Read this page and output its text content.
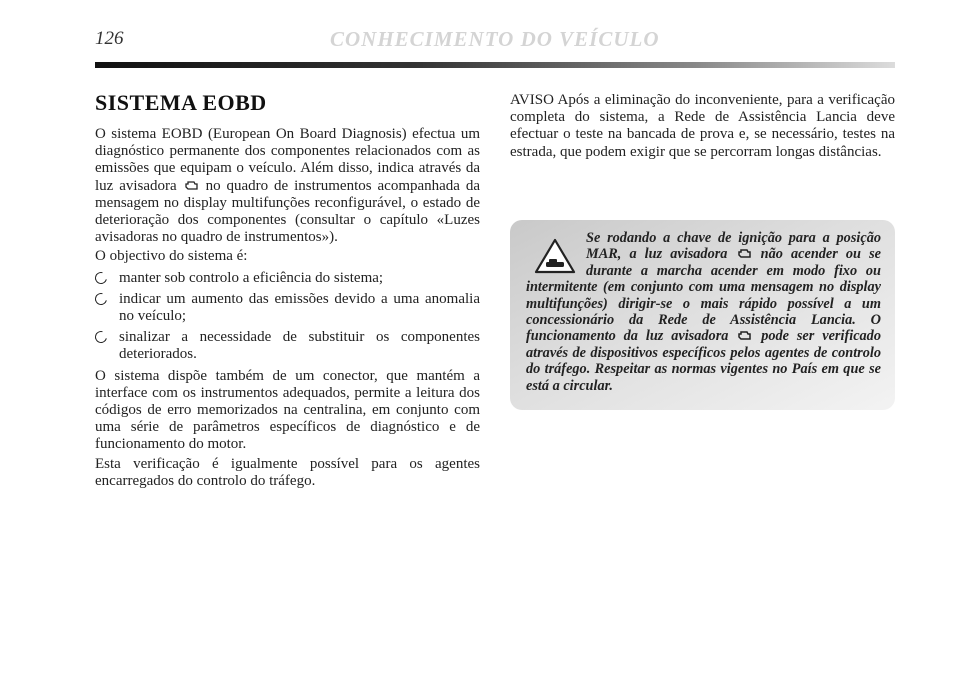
126	CONHECIMENTO DO VEÍCULO
SISTEMA EOBD

O sistema EOBD (European On Board Diagnosis) efectua um diagnóstico permanente dos componentes relacionados com as emissões que equipam o veículo. Além disso, indica através da luz avisadora no quadro de instrumentos acompanhada da mensagem no display multifunções reconfigurável, o estado de deterioração dos componentes (consultar o capítulo «Luzes avisadoras no quadro de instrumentos»).

O objectivo do sistema é:

manter sob controlo a eficiência do sistema;
indicar um aumento das emissões devido a uma anomalia no veículo;
sinalizar a necessidade de substituir os componentes deteriorados.

O sistema dispõe também de um conector, que mantém a interface com os instrumentos adequados, permite a leitura dos códigos de erro memorizados na centralina, em conjunto com uma série de parâmetros específicos de diagnóstico e de funcionamento do motor.

Esta verificação é igualmente possível para os agentes encarregados do controlo do tráfego.

AVISO Após a eliminação do inconveniente, para a verificação completa do sistema, a Rede de Assistência Lancia deve efectuar o teste na bancada de prova e, se necessário, testes na estrada, que podem exigir que se percorram longas distâncias.

Se rodando a chave de ignição para a posição MAR, a luz avisadora não acender ou se durante a marcha acender em modo fixo ou intermitente (em conjunto com uma mensagem no display multifunções) dirigir-se o mais rápido possível a um concessionário da Rede de Assistência Lancia. O funcionamento da luz avisadora pode ser verificado através de dispositivos específicos pelos agentes de controlo do tráfego. Respeitar as normas vigentes no País em que se está a circular.
